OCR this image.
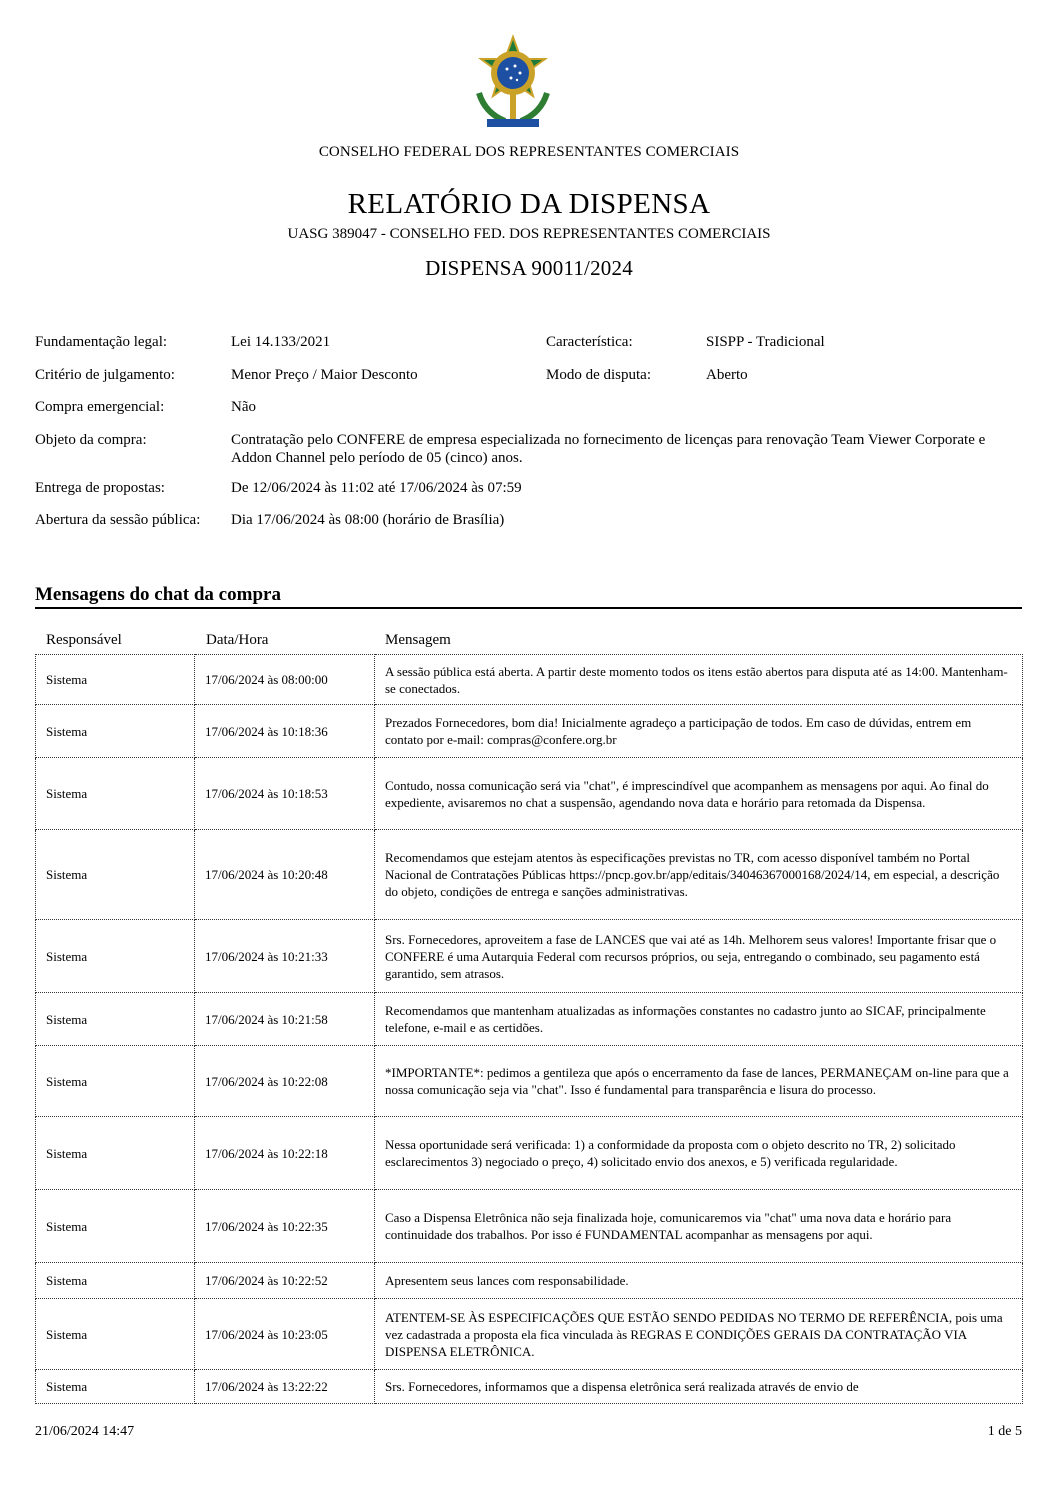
CONSELHO FEDERAL DOS REPRESENTANTES COMERCIAIS
RELATÓRIO DA DISPENSA
UASG 389047 - CONSELHO FED. DOS REPRESENTANTES COMERCIAIS
DISPENSA 90011/2024
Fundamentação legal:	Lei 14.133/2021	Característica:	SISPP - Tradicional
Critério de julgamento:	Menor Preço / Maior Desconto	Modo de disputa:	Aberto
Compra emergencial:	Não
Objeto da compra:	Contratação pelo CONFERE de empresa especializada no fornecimento de licenças para renovação Team Viewer Corporate e Addon Channel pelo período de 05 (cinco) anos.
Entrega de propostas:	De 12/06/2024 às 11:02 até 17/06/2024 às 07:59
Abertura da sessão pública: Dia 17/06/2024 às 08:00 (horário de Brasília)
Mensagens do chat da compra
Responsável	Data/Hora	Mensagem
Sistema	17/06/2024 às 08:00:00	A sessão pública está aberta. A partir deste momento todos os itens estão abertos para disputa até as 14:00. Mantenham-se conectados.
Sistema	17/06/2024 às 10:18:36	Prezados Fornecedores, bom dia! Inicialmente agradeço a participação de todos. Em caso de dúvidas, entrem em contato por e-mail: compras@confere.org.br
Sistema	17/06/2024 às 10:18:53	Contudo, nossa comunicação será via "chat", é imprescindível que acompanhem as mensagens por aqui. Ao final do expediente, avisaremos no chat a suspensão, agendando nova data e horário para retomada da Dispensa.
Sistema	17/06/2024 às 10:20:48	Recomendamos que estejam atentos às especificações previstas no TR, com acesso disponível também no Portal Nacional de Contratações Públicas https://pncp.gov.br/app/editais/34046367000168/2024/14, em especial, a descrição do objeto, condições de entrega e sanções administrativas.
Sistema	17/06/2024 às 10:21:33	Srs. Fornecedores, aproveitem a fase de LANCES que vai até as 14h. Melhorem seus valores! Importante frisar que o CONFERE é uma Autarquia Federal com recursos próprios, ou seja, entregando o combinado, seu pagamento está garantido, sem atrasos.
Sistema	17/06/2024 às 10:21:58	Recomendamos que mantenham atualizadas as informações constantes no cadastro junto ao SICAF, principalmente telefone, e-mail e as certidões.
Sistema	17/06/2024 às 10:22:08	*IMPORTANTE*: pedimos a gentileza que após o encerramento da fase de lances, PERMANEÇAM on-line para que a nossa comunicação seja via "chat". Isso é fundamental para transparência e lisura do processo.
Sistema	17/06/2024 às 10:22:18	Nessa oportunidade será verificada: 1) a conformidade da proposta com o objeto descrito no TR, 2) solicitado esclarecimentos 3) negociado o preço, 4) solicitado envio dos anexos, e 5) verificada regularidade.
Sistema	17/06/2024 às 10:22:35	Caso a Dispensa Eletrônica não seja finalizada hoje, comunicaremos via "chat" uma nova data e horário para continuidade dos trabalhos. Por isso é FUNDAMENTAL acompanhar as mensagens por aqui.
Sistema	17/06/2024 às 10:22:52	Apresentem seus lances com responsabilidade.
Sistema	17/06/2024 às 10:23:05	ATENTEM-SE ÀS ESPECIFICAÇÕES QUE ESTÃO SENDO PEDIDAS NO TERMO DE REFERÊNCIA, pois uma vez cadastrada a proposta ela fica vinculada às REGRAS E CONDIÇÕES GERAIS DA CONTRATAÇÃO VIA DISPENSA ELETRÔNICA.
Sistema	17/06/2024 às 13:22:22	Srs. Fornecedores, informamos que a dispensa eletrônica será realizada através de envio de
21/06/2024 14:47	1 de 5
